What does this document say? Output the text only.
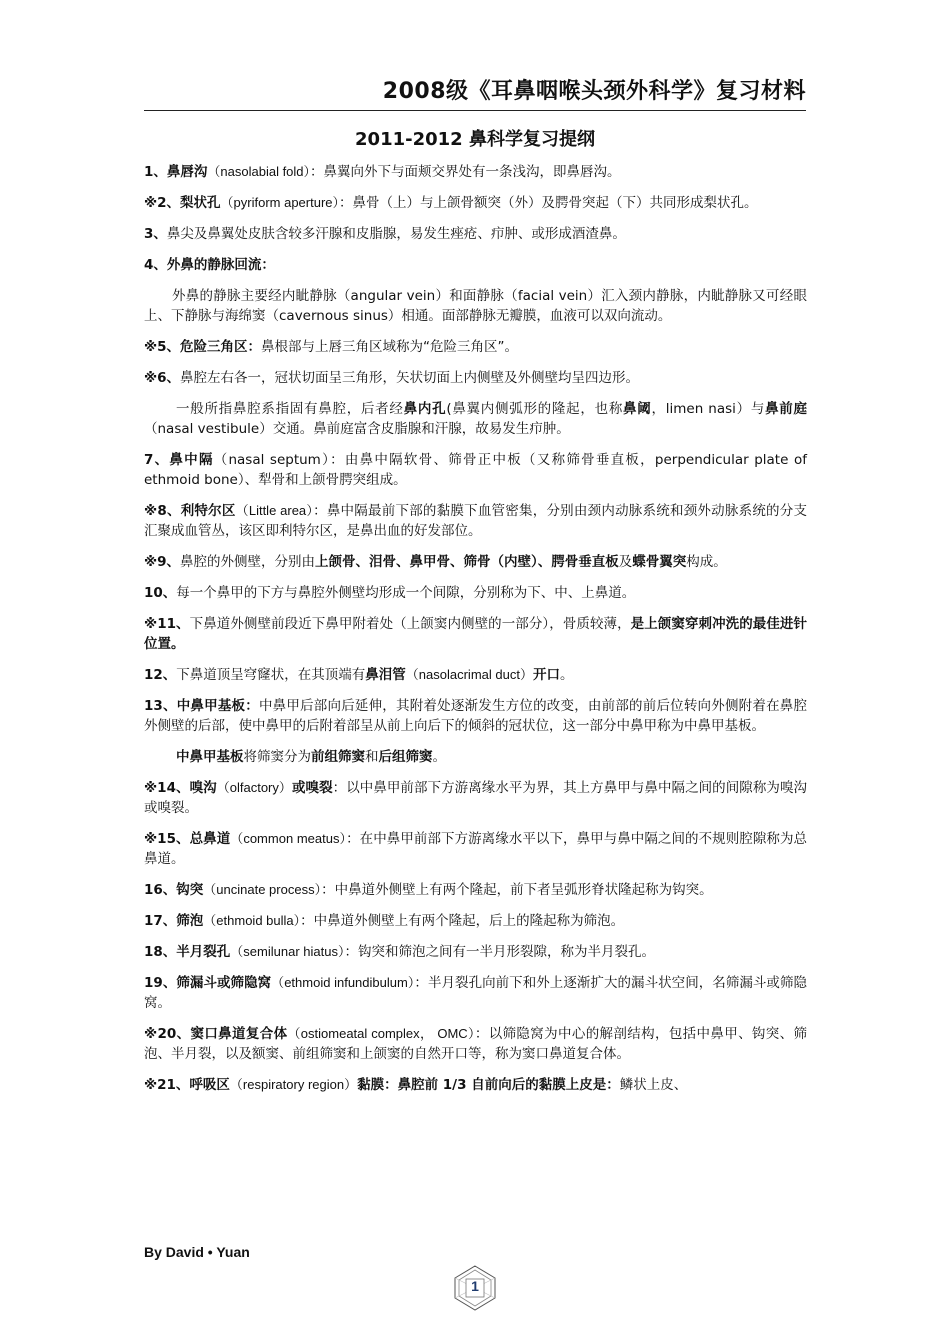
2008级《耳鼻咽喉头颈外科学》复习材料
2011-2012 鼻科学复习提纲

1、鼻唇沟（nasolabial fold）：鼻翼向外下与面颊交界处有一条浅沟，即鼻唇沟。

※2、梨状孔（pyriform aperture）：鼻骨（上）与上颌骨额突（外）及腭骨突起（下）共同形成梨状孔。

3、鼻尖及鼻翼处皮肤含较多汗腺和皮脂腺，易发生痤疮、疖肿、或形成酒渣鼻。

4、外鼻的静脉回流：

外鼻的静脉主要经内眦静脉（angular vein）和面静脉（facial vein）汇入颈内静脉，内眦静脉又可经眼上、下静脉与海绵窦（cavernous sinus）相通。面部静脉无瓣膜，血液可以双向流动。

※5、危险三角区：鼻根部与上唇三角区域称为“危险三角区”。

※6、鼻腔左右各一，冠状切面呈三角形，矢状切面上内侧壁及外侧壁均呈四边形。

一般所指鼻腔系指固有鼻腔，后者经鼻内孔(鼻翼内侧弧形的隆起，也称鼻阈，limen nasi）与鼻前庭（nasal vestibule）交通。鼻前庭富含皮脂腺和汗腺，故易发生疖肿。

7、鼻中隔（nasal septum）：由鼻中隔软骨、筛骨正中板（又称筛骨垂直板，perpendicular plate of ethmoid bone）、犁骨和上颌骨腭突组成。

※8、利特尔区（Little area）：鼻中隔最前下部的黏膜下血管密集，分别由颈内动脉系统和颈外动脉系统的分支汇聚成血管丛，该区即利特尔区，是鼻出血的好发部位。

※9、鼻腔的外侧壁，分别由上颌骨、泪骨、鼻甲骨、筛骨（内壁）、腭骨垂直板及蝶骨翼突构成。

10、每一个鼻甲的下方与鼻腔外侧壁均形成一个间隙，分别称为下、中、上鼻道。

※11、下鼻道外侧壁前段近下鼻甲附着处（上颌窦内侧壁的一部分），骨质较薄，是上颌窦穿刺冲洗的最佳进针位置。

12、下鼻道顶呈穹窿状，在其顶端有鼻泪管（nasolacrimal duct）开口。

13、中鼻甲基板：中鼻甲后部向后延伸，其附着处逐渐发生方位的改变，由前部的前后位转向外侧附着在鼻腔外侧壁的后部，使中鼻甲的后附着部呈从前上向后下的倾斜的冠状位，这一部分中鼻甲称为中鼻甲基板。

中鼻甲基板将筛窦分为前组筛窦和后组筛窦。

※14、嗅沟（olfactory）或嗅裂：以中鼻甲前部下方游离缘水平为界，其上方鼻甲与鼻中隔之间的间隙称为嗅沟或嗅裂。

※15、总鼻道（common meatus）：在中鼻甲前部下方游离缘水平以下，鼻甲与鼻中隔之间的不规则腔隙称为总鼻道。

16、钩突（uncinate process）：中鼻道外侧壁上有两个隆起，前下者呈弧形脊状隆起称为钩突。

17、筛泡（ethmoid bulla）：中鼻道外侧壁上有两个隆起，后上的隆起称为筛泡。

18、半月裂孔（semilunar hiatus）：钩突和筛泡之间有一半月形裂隙，称为半月裂孔。

19、筛漏斗或筛隐窝（ethmoid infundibulum）：半月裂孔向前下和外上逐渐扩大的漏斗状空间，名筛漏斗或筛隐窝。

※20、窦口鼻道复合体（ostiomeatal complex， OMC）：以筛隐窝为中心的解剖结构，包括中鼻甲、钩突、筛泡、半月裂，以及额窦、前组筛窦和上颌窦的自然开口等，称为窦口鼻道复合体。

※21、呼吸区（respiratory region）黏膜：鼻腔前 1/3 自前向后的黏膜上皮是：鳞状上皮、

By David • Yuan
1
